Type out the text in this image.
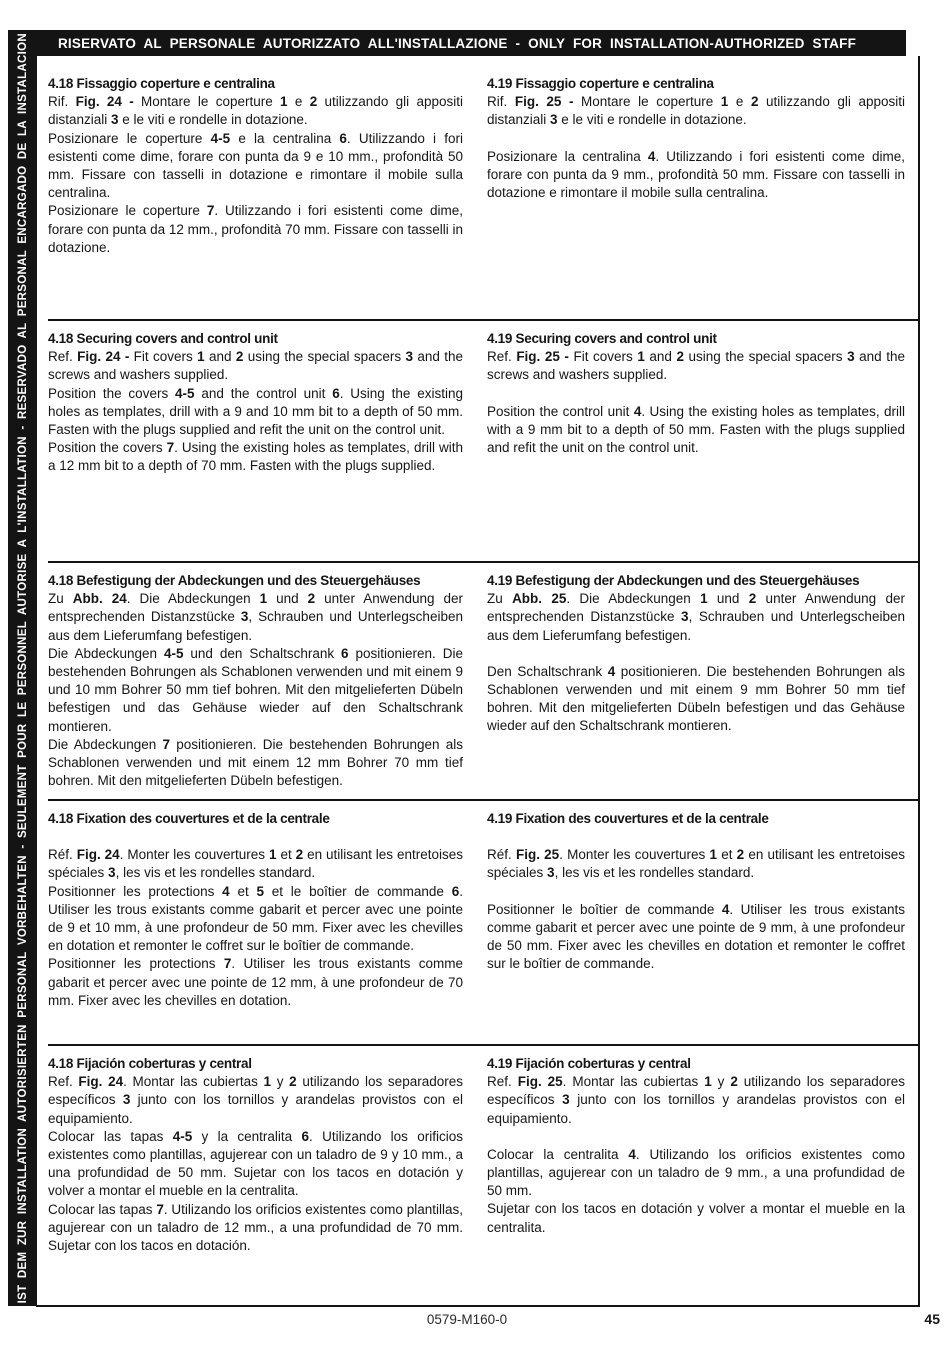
RISERVATO AL PERSONALE AUTORIZZATO ALL'INSTALLAZIONE - ONLY FOR INSTALLATION-AUTHORIZED STAFF
IST DEM ZUR INSTALLATION AUTORISIERTEN PERSONAL VORBEHALTEN - SEULEMENT POUR LE PERSONNEL AUTORISE A L'INSTALLATION - RESERVADO AL PERSONAL ENCARGADO DE LA INSTALACION 4.18 Fissaggio coperture e centralina

Rif. Fig. 24 - Montare le coperture 1 e 2 utilizzando gli appositi distanziali 3 e le viti e rondelle in dotazione.

Posizionare le coperture 4-5 e la centralina 6. Utilizzando i fori esistenti come dime, forare con punta da 9 e 10 mm., profondità 50 mm. Fissare con tasselli in dotazione e rimontare il mobile sulla centralina.

Posizionare le coperture 7. Utilizzando i fori esistenti come dime, forare con punta da 12 mm., profondità 70 mm. Fissare con tasselli in dotazione.

4.19 Fissaggio coperture e centralina

Rif. Fig. 25 - Montare le coperture 1 e 2 utilizzando gli appositi distanziali 3 e le viti e rondelle in dotazione.

Posizionare la centralina 4. Utilizzando i fori esistenti come dime, forare con punta da 9 mm., profondità 50 mm. Fissare con tasselli in dotazione e rimontare il mobile sulla centralina.

4.18 Securing covers and control unit

Ref. Fig. 24 - Fit covers 1 and 2 using the special spacers 3 and the screws and washers supplied.

Position the covers 4-5 and the control unit 6. Using the existing holes as templates, drill with a 9 and 10 mm bit to a depth of 50 mm. Fasten with the plugs supplied and refit the unit on the control unit.

Position the covers 7. Using the existing holes as templates, drill with a 12 mm bit to a depth of 70 mm. Fasten with the plugs supplied.

4.19 Securing covers and control unit

Ref. Fig. 25 - Fit covers 1 and 2 using the special spacers 3 and the screws and washers supplied.

Position the control unit 4. Using the existing holes as templates, drill with a 9 mm bit to a depth of 50 mm. Fasten with the plugs supplied and refit the unit on the control unit.

4.18 Befestigung der Abdeckungen und des Steuergehäuses

Zu Abb. 24. Die Abdeckungen 1 und 2 unter Anwendung der entsprechenden Distanzstücke 3, Schrauben und Unterlegscheiben aus dem Lieferumfang befestigen.

Die Abdeckungen 4-5 und den Schaltschrank 6 positionieren. Die bestehenden Bohrungen als Schablonen verwenden und mit einem 9 und 10 mm Bohrer 50 mm tief bohren. Mit den mitgelieferten Dübeln befestigen und das Gehäuse wieder auf den Schaltschrank montieren.

Die Abdeckungen 7 positionieren. Die bestehenden Bohrungen als Schablonen verwenden und mit einem 12 mm Bohrer 70 mm tief bohren. Mit den mitgelieferten Dübeln befestigen.

4.19 Befestigung der Abdeckungen und des Steuergehäuses

Zu Abb. 25. Die Abdeckungen 1 und 2 unter Anwendung der entsprechenden Distanzstücke 3, Schrauben und Unterlegscheiben aus dem Lieferumfang befestigen.

Den Schaltschrank 4 positionieren. Die bestehenden Bohrungen als Schablonen verwenden und mit einem 9 mm Bohrer 50 mm tief bohren. Mit den mitgelieferten Dübeln befestigen und das Gehäuse wieder auf den Schaltschrank montieren.

4.18 Fixation des couvertures et de la centrale

Réf. Fig. 24. Monter les couvertures 1 et 2 en utilisant les entretoises spéciales 3, les vis et les rondelles standard.

Positionner les protections 4 et 5 et le boîtier de commande 6. Utiliser les trous existants comme gabarit et percer avec une pointe de 9 et 10 mm, à une profondeur de 50 mm. Fixer avec les chevilles en dotation et remonter le coffret sur le boîtier de commande.

Positionner les protections 7. Utiliser les trous existants comme gabarit et percer avec une pointe de 12 mm, à une profondeur de 70 mm. Fixer avec les chevilles en dotation.

4.19 Fixation des couvertures et de la centrale

Réf. Fig. 25. Monter les couvertures 1 et 2 en utilisant les entretoises spéciales 3, les vis et les rondelles standard.

Positionner le boîtier de commande 4. Utiliser les trous existants comme gabarit et percer avec une pointe de 9 mm, à une profondeur de 50 mm. Fixer avec les chevilles en dotation et remonter le coffret sur le boîtier de commande.

4.18 Fijación coberturas y central

Ref. Fig. 24. Montar las cubiertas 1 y 2 utilizando los separadores específicos 3 junto con los tornillos y arandelas provistos con el equipamiento.

Colocar las tapas 4-5 y la centralita 6. Utilizando los orificios existentes como plantillas, agujerear con un taladro de 9 y 10 mm., a una profundidad de 50 mm. Sujetar con los tacos en dotación y volver a montar el mueble en la centralita.

Colocar las tapas 7. Utilizando los orificios existentes como plantillas, agujerear con un taladro de 12 mm., a una profundidad de 70 mm. Sujetar con los tacos en dotación.

4.19 Fijación coberturas y central

Ref. Fig. 25. Montar las cubiertas 1 y 2 utilizando los separadores específicos 3 junto con los tornillos y arandelas provistos con el equipamiento.

Colocar la centralita 4. Utilizando los orificios existentes como plantillas, agujerear con un taladro de 9 mm., a una profundidad de 50 mm.

Sujetar con los tacos en dotación y volver a montar el mueble en la centralita.

0579-M160-0	45
